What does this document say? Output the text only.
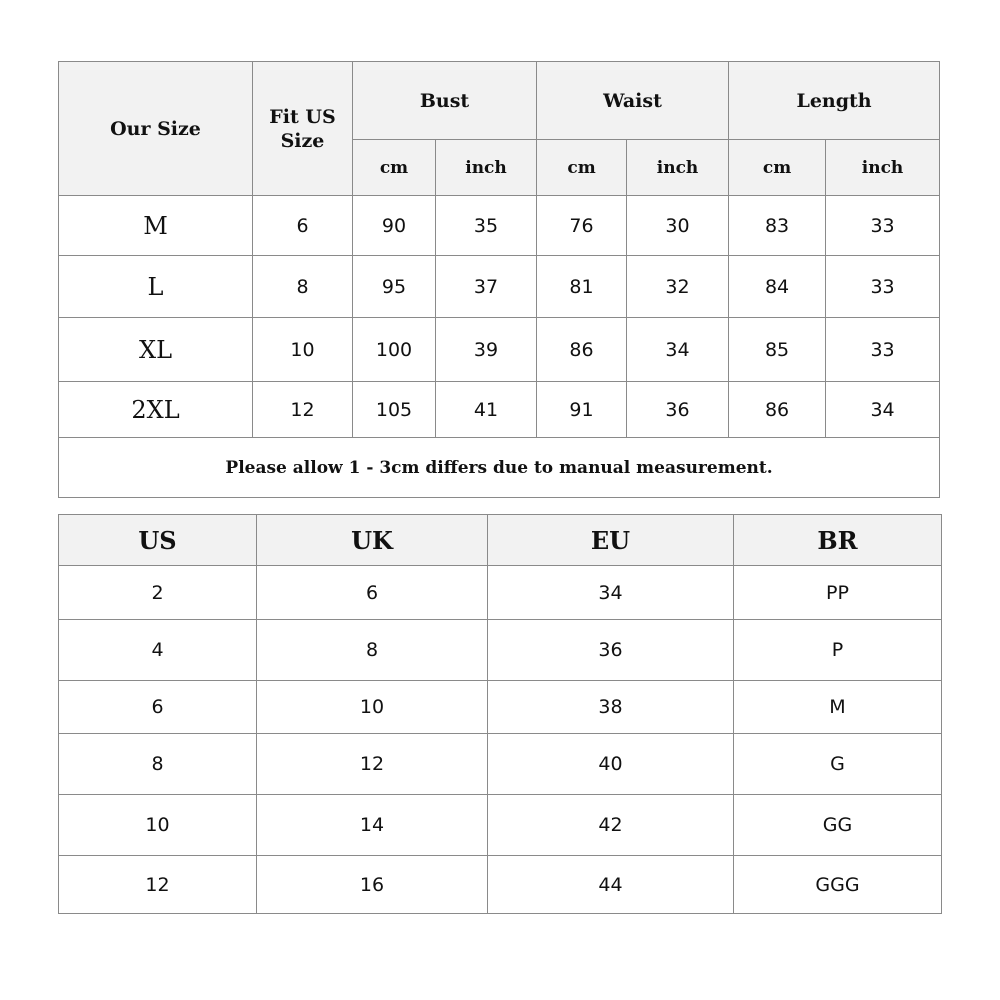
Our Size	Fit US Size	Bust		Waist		Length	
		cm	inch	cm	inch	cm	inch
M	6	90	35	76	30	83	33
L	8	95	37	81	32	84	33
XL	10	100	39	86	34	85	33
2XL	12	105	41	91	36	86	34
Please allow 1 - 3cm differs due to manual measurement.							
US	UK	EU	BR
2	6	34	PP
4	8	36	P
6	10	38	M
8	12	40	G
10	14	42	GG
12	16	44	GGG
